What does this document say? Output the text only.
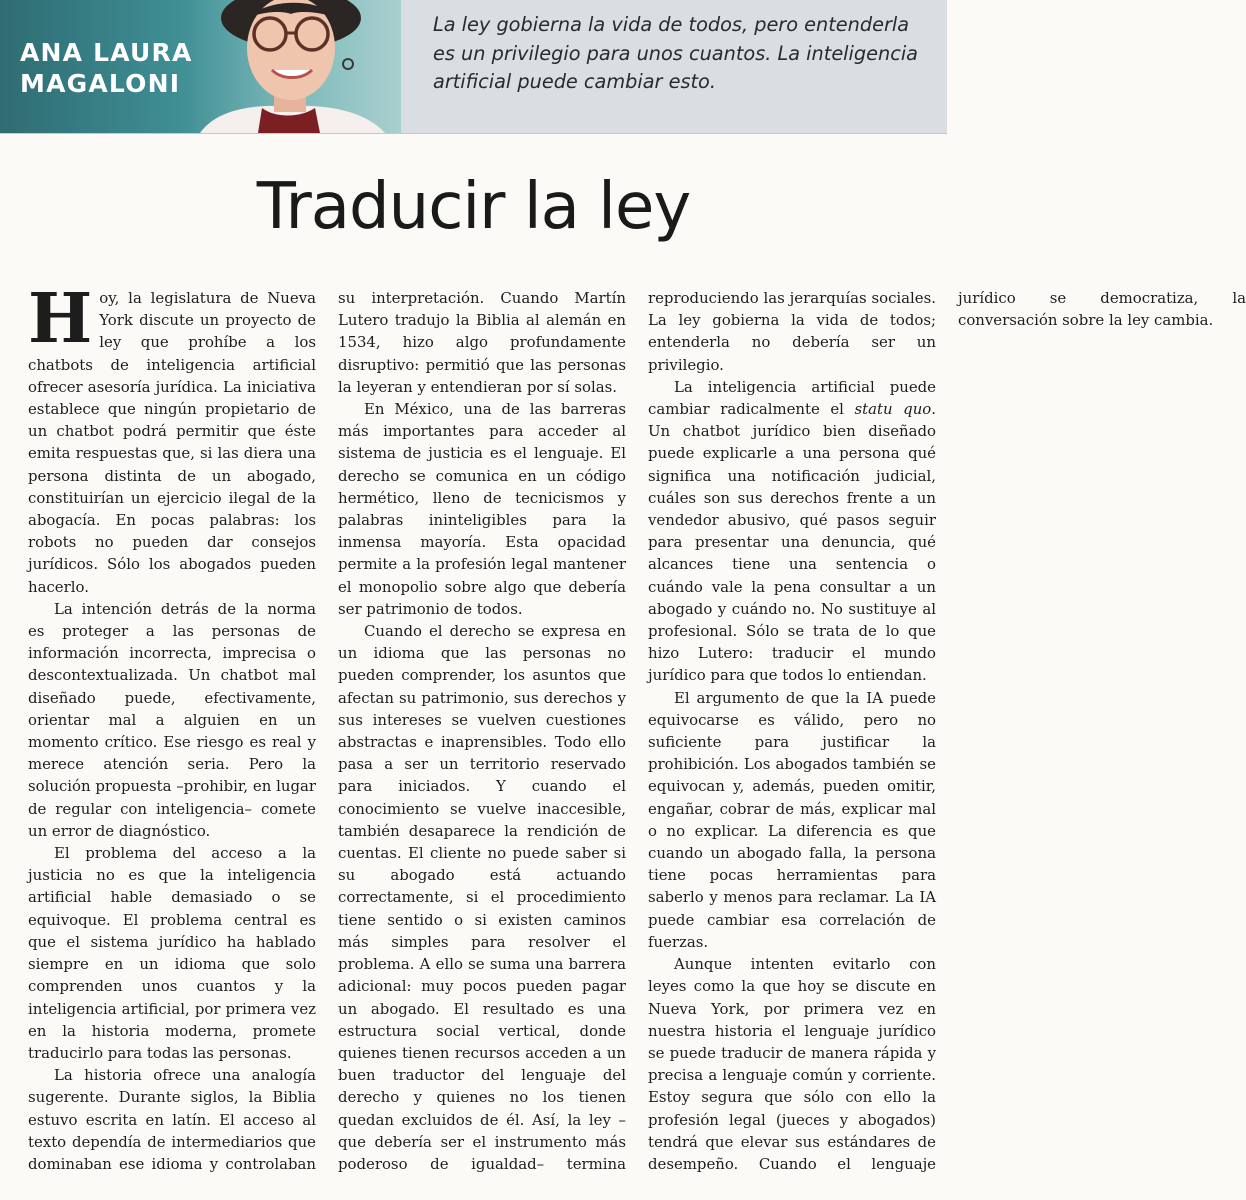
ANA LAURA
MAGALONI

La ley gobierna la vida de todos, pero entenderla es un privilegio para unos cuantos. La inteligencia artificial puede cambiar esto.

Traducir la ley

Hoy, la legislatura de Nueva York discute un proyecto de ley que prohíbe a los chatbots de inteligencia artificial ofrecer asesoría jurídica. La iniciativa establece que ningún propietario de un chatbot podrá permitir que éste emita respuestas que, si las diera una persona distinta de un abogado, constituirían un ejercicio ilegal de la abogacía. En pocas palabras: los robots no pueden dar consejos jurídicos. Sólo los abogados pueden hacerlo.

La intención detrás de la norma es proteger a las personas de información incorrecta, imprecisa o descontextualizada. Un chatbot mal diseñado puede, efectivamente, orientar mal a alguien en un momento crítico. Ese riesgo es real y merece atención seria. Pero la solución propuesta –prohibir, en lugar de regular con inteligencia– comete un error de diagnóstico.

El problema del acceso a la justicia no es que la inteligencia artificial hable demasiado o se equivoque. El problema central es que el sistema jurídico ha hablado siempre en un idioma que solo comprenden unos cuantos y la inteligencia artificial, por primera vez en la historia moderna, promete traducirlo para todas las personas.

La historia ofrece una analogía sugerente. Durante siglos, la Biblia estuvo escrita en latín. El acceso al texto dependía de intermediarios que dominaban ese idioma y controlaban su interpretación. Cuando Martín Lutero tradujo la Biblia al alemán en 1534, hizo algo profundamente disruptivo: permitió que las personas la leyeran y entendieran por sí solas.

En México, una de las barreras más importantes para acceder al sistema de justicia es el lenguaje. El derecho se comunica en un código hermético, lleno de tecnicismos y palabras ininteligibles para la inmensa mayoría. Esta opacidad permite a la profesión legal mantener el monopolio sobre algo que debería ser patrimonio de todos.

Cuando el derecho se expresa en un idioma que las personas no pueden comprender, los asuntos que afectan su patrimonio, sus derechos y sus intereses se vuelven cuestiones abstractas e inaprensibles. Todo ello pasa a ser un territorio reservado para iniciados. Y cuando el conocimiento se vuelve inaccesible, también desaparece la rendición de cuentas. El cliente no puede saber si su abogado está actuando correctamente, si el procedimiento tiene sentido o si existen caminos más simples para resolver el problema. A ello se suma una barrera adicional: muy pocos pueden pagar un abogado. El resultado es una estructura social vertical, donde quienes tienen recursos acceden a un buen traductor del lenguaje del derecho y quienes no los tienen quedan excluidos de él. Así, la ley –que debería ser el instrumento más poderoso de igualdad– termina reproduciendo las jerarquías sociales. La ley gobierna la vida de todos; entenderla no debería ser un privilegio.

La inteligencia artificial puede cambiar radicalmente el statu quo. Un chatbot jurídico bien diseñado puede explicarle a una persona qué significa una notificación judicial, cuáles son sus derechos frente a un vendedor abusivo, qué pasos seguir para presentar una denuncia, qué alcances tiene una sentencia o cuándo vale la pena consultar a un abogado y cuándo no. No sustituye al profesional. Sólo se trata de lo que hizo Lutero: traducir el mundo jurídico para que todos lo entiendan.

El argumento de que la IA puede equivocarse es válido, pero no suficiente para justificar la prohibición. Los abogados también se equivocan y, además, pueden omitir, engañar, cobrar de más, explicar mal o no explicar. La diferencia es que cuando un abogado falla, la persona tiene pocas herramientas para saberlo y menos para reclamar. La IA puede cambiar esa correlación de fuerzas.

Aunque intenten evitarlo con leyes como la que hoy se discute en Nueva York, por primera vez en nuestra historia el lenguaje jurídico se puede traducir de manera rápida y precisa a lenguaje común y corriente. Estoy segura que sólo con ello la profesión legal (jueces y abogados) tendrá que elevar sus estándares de desempeño. Cuando el lenguaje jurídico se democratiza, la conversación sobre la ley cambia.
